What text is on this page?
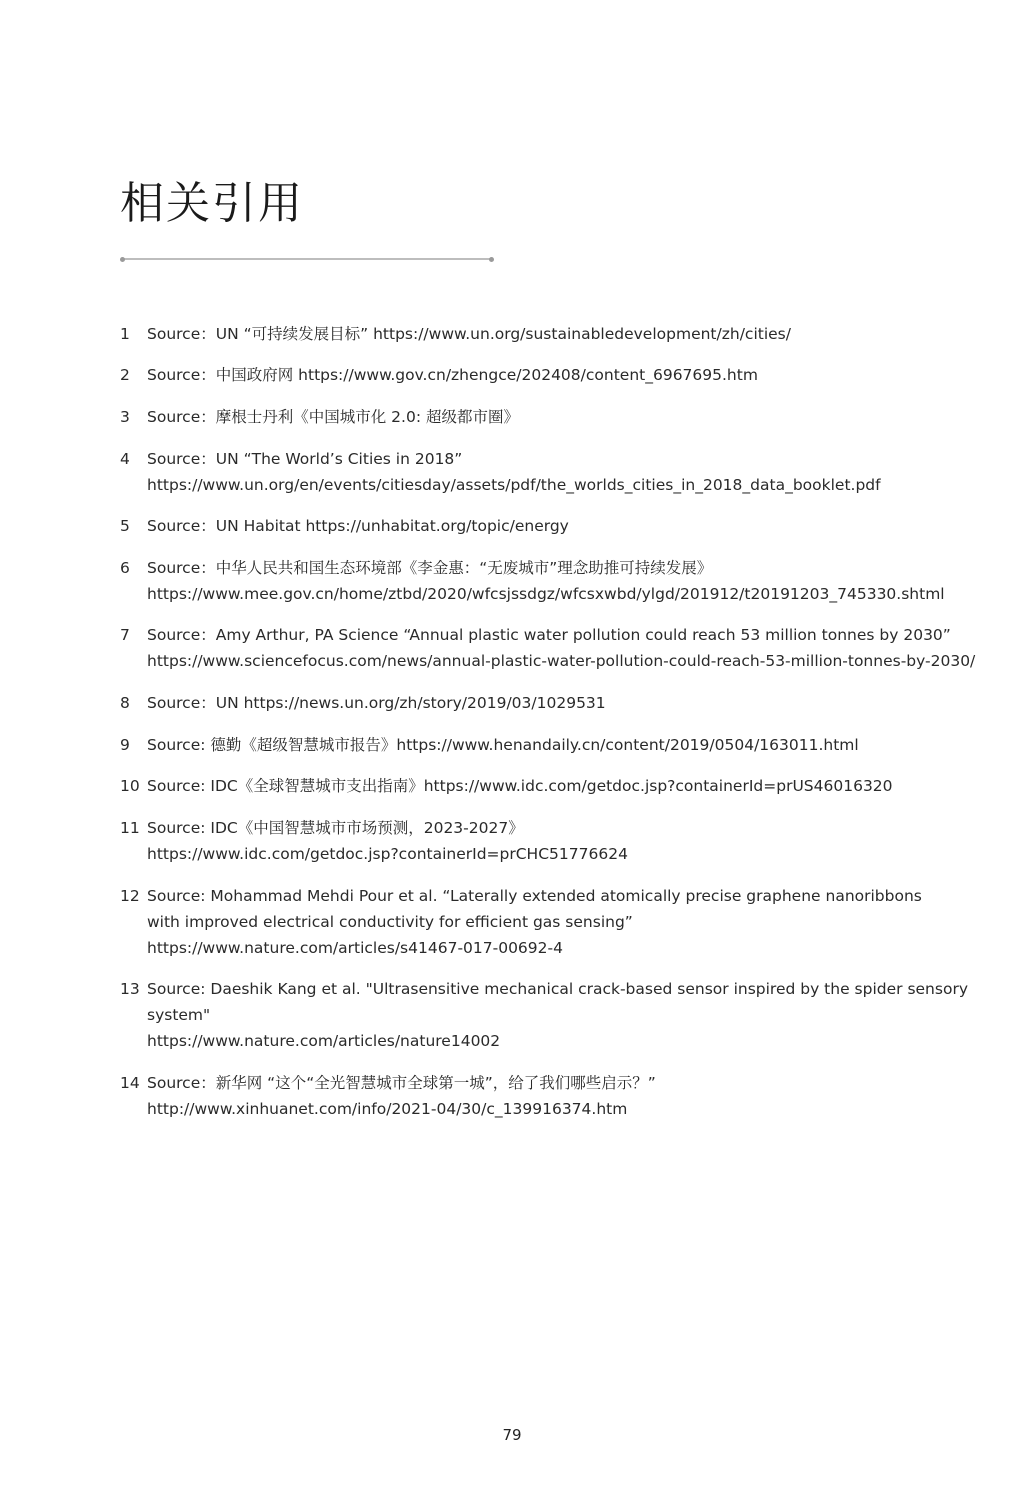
相关引用
1	Source：UN “可持续发展目标” https://www.un.org/sustainabledevelopment/zh/cities/
2	Source：中国政府网 https://www.gov.cn/zhengce/202408/content_6967695.htm
3	Source：摩根士丹利《中国城市化 2.0: 超级都市圈》
4	Source：UN “The World’s Cities in 2018”
https://www.un.org/en/events/citiesday/assets/pdf/the_worlds_cities_in_2018_data_booklet.pdf
5	Source：UN Habitat https://unhabitat.org/topic/energy
6	Source：中华人民共和国生态环境部《李金惠：“无废城市”理念助推可持续发展》
https://www.mee.gov.cn/home/ztbd/2020/wfcsjssdgz/wfcsxwbd/ylgd/201912/t20191203_745330.shtml
7	Source：Amy Arthur, PA Science “Annual plastic water pollution could reach 53 million tonnes by 2030”
https://www.sciencefocus.com/news/annual-plastic-water-pollution-could-reach-53-million-tonnes-by-2030/
8	Source：UN https://news.un.org/zh/story/2019/03/1029531
9	Source: 德勤《超级智慧城市报告》https://www.henandaily.cn/content/2019/0504/163011.html
10 Source: IDC《全球智慧城市支出指南》https://www.idc.com/getdoc.jsp?containerId=prUS46016320
11 Source: IDC《中国智慧城市市场预测，2023-2027》
https://www.idc.com/getdoc.jsp?containerId=prCHC51776624
12 Source: Mohammad Mehdi Pour et al. “Laterally extended atomically precise graphene nanoribbons
with improved electrical conductivity for efficient gas sensing”
https://www.nature.com/articles/s41467-017-00692-4
13 Source: Daeshik Kang et al. "Ultrasensitive mechanical crack-based sensor inspired by the spider sensory
system"
https://www.nature.com/articles/nature14002
14 Source：新华网 “这个“全光智慧城市全球第一城”，给了我们哪些启示？”
http://www.xinhuanet.com/info/2021-04/30/c_139916374.htm
79
